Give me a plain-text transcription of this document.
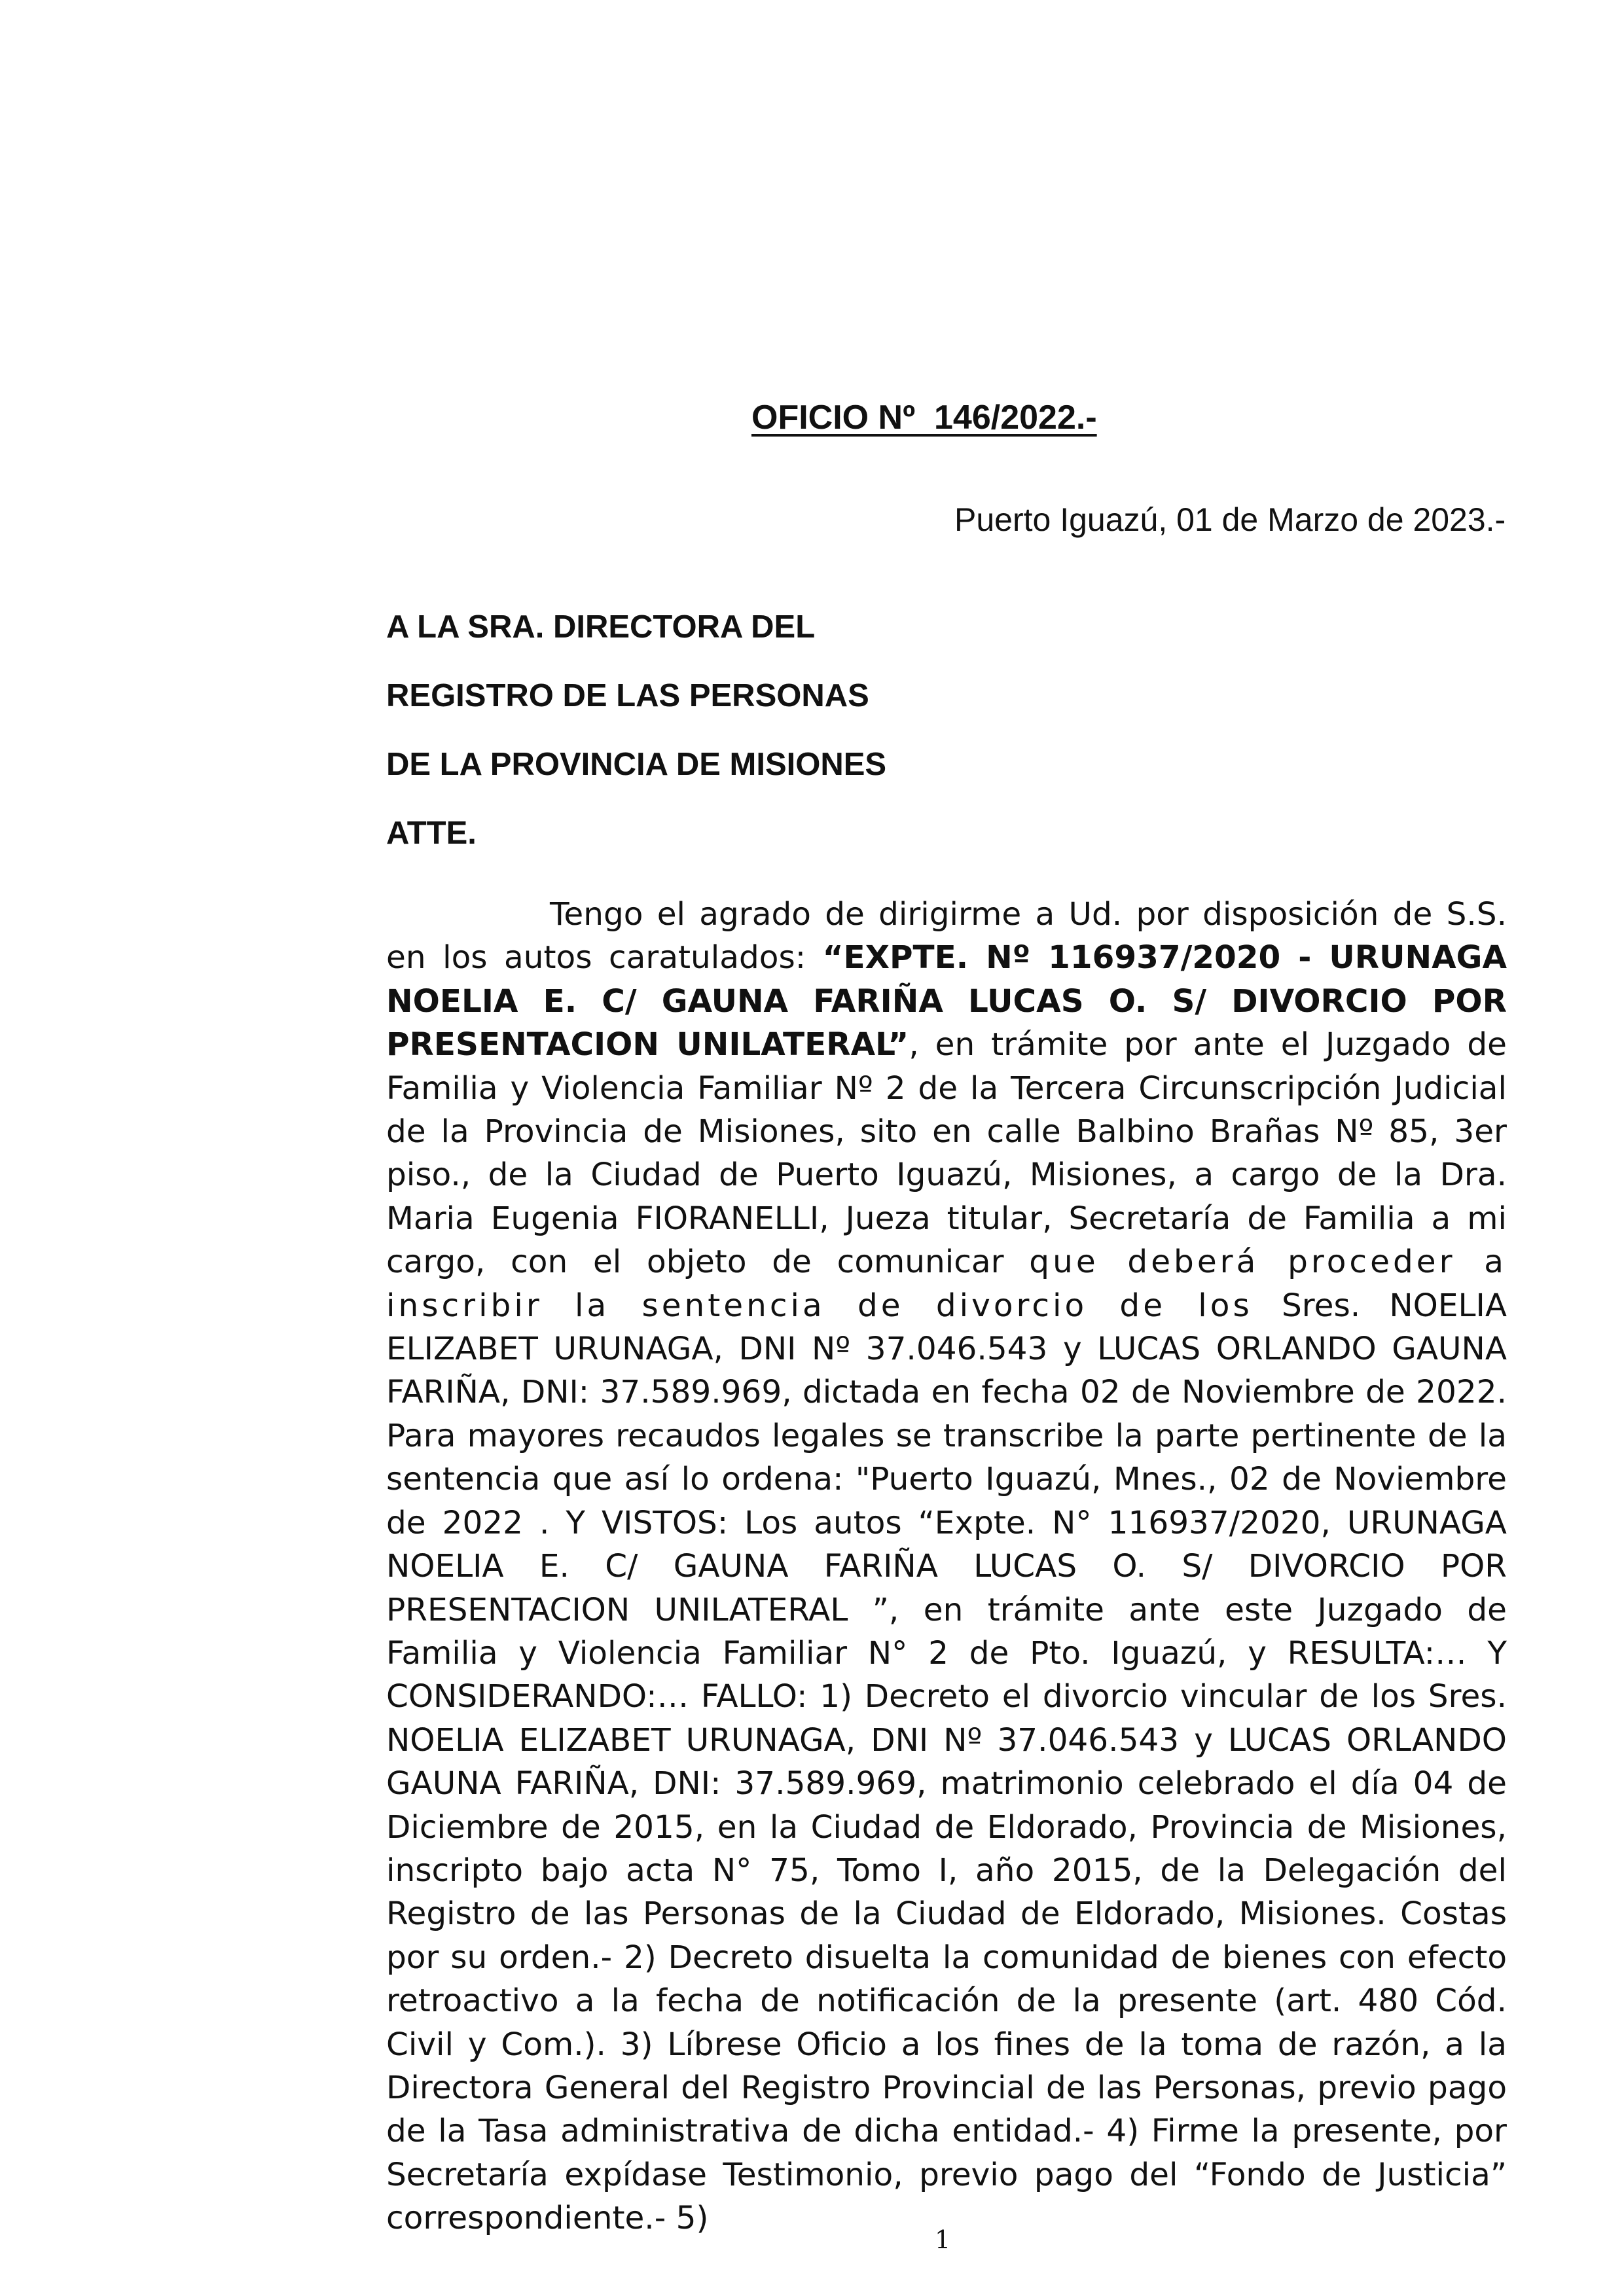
OFICIO Nº  146/2022.-
Puerto Iguazú, 01 de Marzo de 2023.-
A LA SRA. DIRECTORA DEL
REGISTRO DE LAS PERSONAS
DE LA PROVINCIA DE MISIONES
ATTE.
Tengo el agrado de dirigirme a Ud. por disposición de S.S. en los autos caratulados: “EXPTE. Nº 116937/2020 - URUNAGA NOELIA E. C/ GAUNA FARIÑA LUCAS O. S/ DIVORCIO POR PRESENTACION UNILATERAL”, en trámite por ante el Juzgado de Familia y Violencia Familiar Nº 2 de la Tercera Circunscripción Judicial de la Provincia de Misiones, sito en calle Balbino Brañas Nº 85, 3er piso., de la Ciudad de Puerto Iguazú, Misiones, a cargo de la Dra. Maria Eugenia FIORANELLI, Jueza titular, Secretaría de Familia a mi cargo, con el objeto de comunicar que deberá proceder a inscribir la sentencia de divorcio de los Sres. NOELIA ELIZABET URUNAGA, DNI Nº 37.046.543 y LUCAS ORLANDO GAUNA FARIÑA, DNI: 37.589.969, dictada en fecha 02 de Noviembre de 2022. Para mayores recaudos legales se transcribe la parte pertinente de la sentencia que así lo ordena: "Puerto Iguazú, Mnes., 02 de Noviembre de 2022 . Y VISTOS: Los autos “Expte. N° 116937/2020, URUNAGA NOELIA E. C/ GAUNA FARIÑA LUCAS O. S/ DIVORCIO POR PRESENTACION UNILATERAL ”, en trámite ante este Juzgado de Familia y Violencia Familiar N° 2 de Pto. Iguazú, y RESULTA:… Y CONSIDERANDO:… FALLO: 1) Decreto el divorcio vincular de los Sres. NOELIA ELIZABET URUNAGA, DNI Nº 37.046.543 y LUCAS ORLANDO GAUNA FARIÑA, DNI: 37.589.969, matrimonio celebrado el día 04 de Diciembre de 2015, en la Ciudad de Eldorado, Provincia de Misiones, inscripto bajo acta N° 75, Tomo I, año 2015, de la Delegación del Registro de las Personas de la Ciudad de Eldorado, Misiones. Costas por su orden.- 2) Decreto disuelta la comunidad de bienes con efecto retroactivo a la fecha de notificación de la presente (art. 480 Cód. Civil y Com.). 3) Líbrese Oficio a los fines de la toma de razón, a la Directora General del Registro Provincial de las Personas, previo pago de la Tasa administrativa de dicha entidad.- 4) Firme la presente, por Secretaría expídase Testimonio, previo pago del “Fondo de Justicia” correspondiente.- 5)
1
